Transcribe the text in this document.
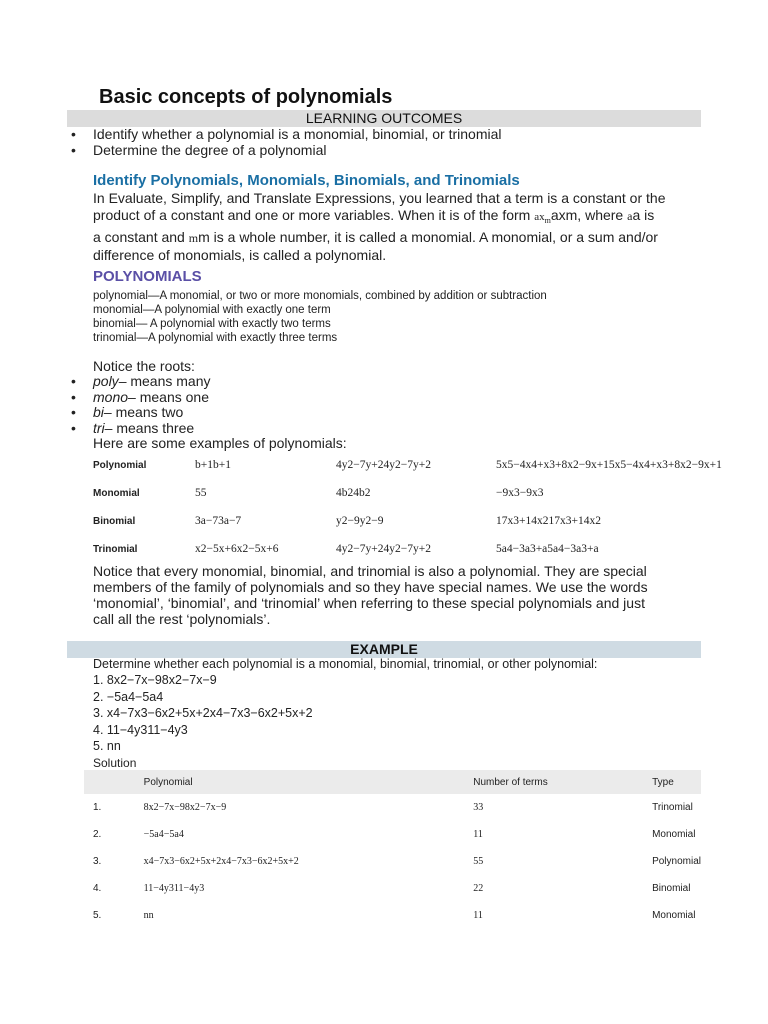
Basic concepts of polynomials
LEARNING OUTCOMES
• Identify whether a polynomial is a monomial, binomial, or trinomial
• Determine the degree of a polynomial
Identify Polynomials, Monomials, Binomials, and Trinomials
In Evaluate, Simplify, and Translate Expressions, you learned that a term is a constant or the
product of a constant and one or more variables. When it is of the form $ax_maxm$, where aa is
a constant and mm is a whole number, it is called a monomial. A monomial, or a sum and/or
difference of monomials, is called a polynomial.
POLYNOMIALS
polynomial—A monomial, or two or more monomials, combined by addition or subtraction
monomial—A polynomial with exactly one term
binomial— A polynomial with exactly two terms
trinomial—A polynomial with exactly three terms
Notice the roots:
• poly– means many
• mono– means one
• bi– means two
• tri– means three
Here are some examples of polynomials:
Polynomial	b+1b+1	4y2−7y+24y2−7y+2	5x5−4x4+x3+8x2−9x+15x5−4x4+x3+8x2−9x+1
Monomial	55	4b24b2	−9x3−9x3
Binomial	3a−73a−7	y2−9y2−9	17x3+14x217x3+14x2
Trinomial	x2−5x+6x2−5x+6	4y2−7y+24y2−7y+2	5a4−3a3+a5a4−3a3+a
Notice that every monomial, binomial, and trinomial is also a polynomial. They are special
members of the family of polynomials and so they have special names. We use the words
‘monomial’, ‘binomial’, and ‘trinomial’ when referring to these special polynomials and just
call all the rest ‘polynomials’.
EXAMPLE
Determine whether each polynomial is a monomial, binomial, trinomial, or other polynomial:
1. 8x2−7x−98x2−7x−9
2. −5a4−5a4
3. x4−7x3−6x2+5x+2x4−7x3−6x2+5x+2
4. 11−4y311−4y3
5. nn
Solution
	Polynomial	Number of terms	Type
1.	8x2−7x−98x2−7x−9	33	Trinomial
2.	−5a4−5a4	11	Monomial
3.	x4−7x3−6x2+5x+2x4−7x3−6x2+5x+2	55	Polynomial
4.	11−4y311−4y3	22	Binomial
5.	nn	11	Monomial
